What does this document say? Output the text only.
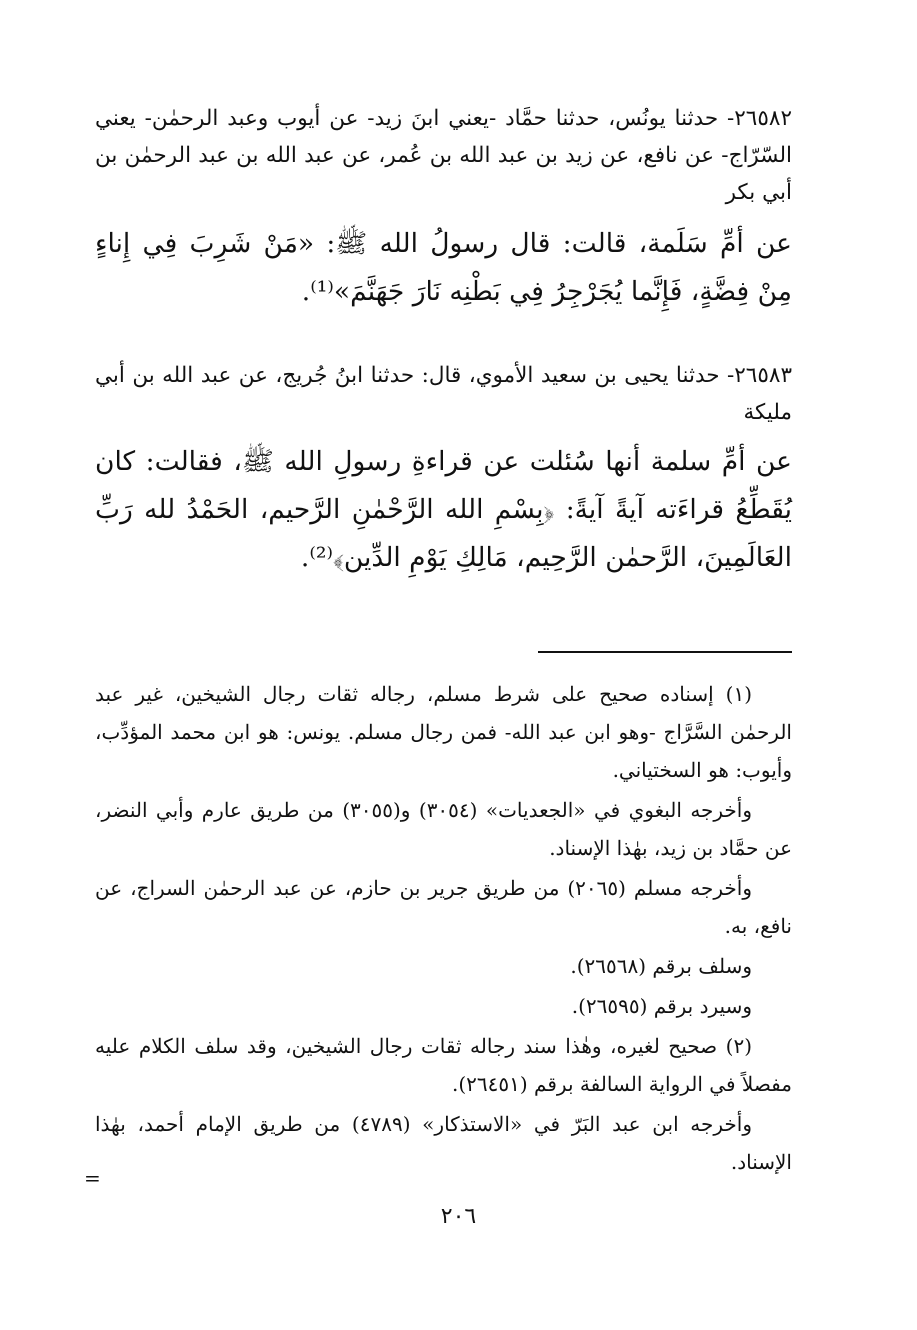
٢٦٥٨٢- حدثنا يونُس، حدثنا حمَّاد -يعني ابنَ زيد- عن أيوب وعبد الرحمٰن- يعني السّرّاج- عن نافع، عن زيد بن عبد الله بن عُمر، عن عبد الله بن عبد الرحمٰن بن أبي بكر

عن أمِّ سَلَمة، قالت: قال رسولُ الله ﷺ: «مَنْ شَرِبَ فِي إِناءٍ مِنْ فِضَّةٍ، فَإِنَّما يُجَرْجِرُ فِي بَطْنِه نَارَ جَهَنَّمَ»⁽¹⁾.

٢٦٥٨٣- حدثنا يحيى بن سعيد الأموي، قال: حدثنا ابنُ جُريج، عن عبد الله بن أبي مليكة

عن أمِّ سلمة أنها سُئلت عن قراءةِ رسولِ الله ﷺ، فقالت: كان يُقَطِّعُ قراءَته آيةً آيةً: ﴿بِسْمِ الله الرَّحْمٰنِ الرَّحيم، الحَمْدُ لله رَبِّ العَالَمِينَ، الرَّحمٰن الرَّحِيم، مَالِكِ يَوْمِ الدِّين﴾⁽²⁾.

(١) إسناده صحيح على شرط مسلم، رجاله ثقات رجال الشيخين، غير عبد الرحمٰن السَّرَّاج -وهو ابن عبد الله- فمن رجال مسلم. يونس: هو ابن محمد المؤدِّب، وأيوب: هو السختياني.

وأخرجه البغوي في «الجعديات» (٣٠٥٤) و(٣٠٥٥) من طريق عارم وأبي النضر، عن حمَّاد بن زيد، بهٰذا الإسناد.

وأخرجه مسلم (٢٠٦٥) من طريق جرير بن حازم، عن عبد الرحمٰن السراج، عن نافع، به.

وسلف برقم (٢٦٥٦٨).

وسيرد برقم (٢٦٥٩٥).

(٢) صحيح لغيره، وهٰذا سند رجاله ثقات رجال الشيخين، وقد سلف الكلام عليه مفصلاً في الرواية السالفة برقم (٢٦٤٥١).

وأخرجه ابن عبد البَرّ في «الاستذكار» (٤٧٨٩) من طريق الإمام أحمد، بهٰذا الإسناد.

=
٢٠٦
